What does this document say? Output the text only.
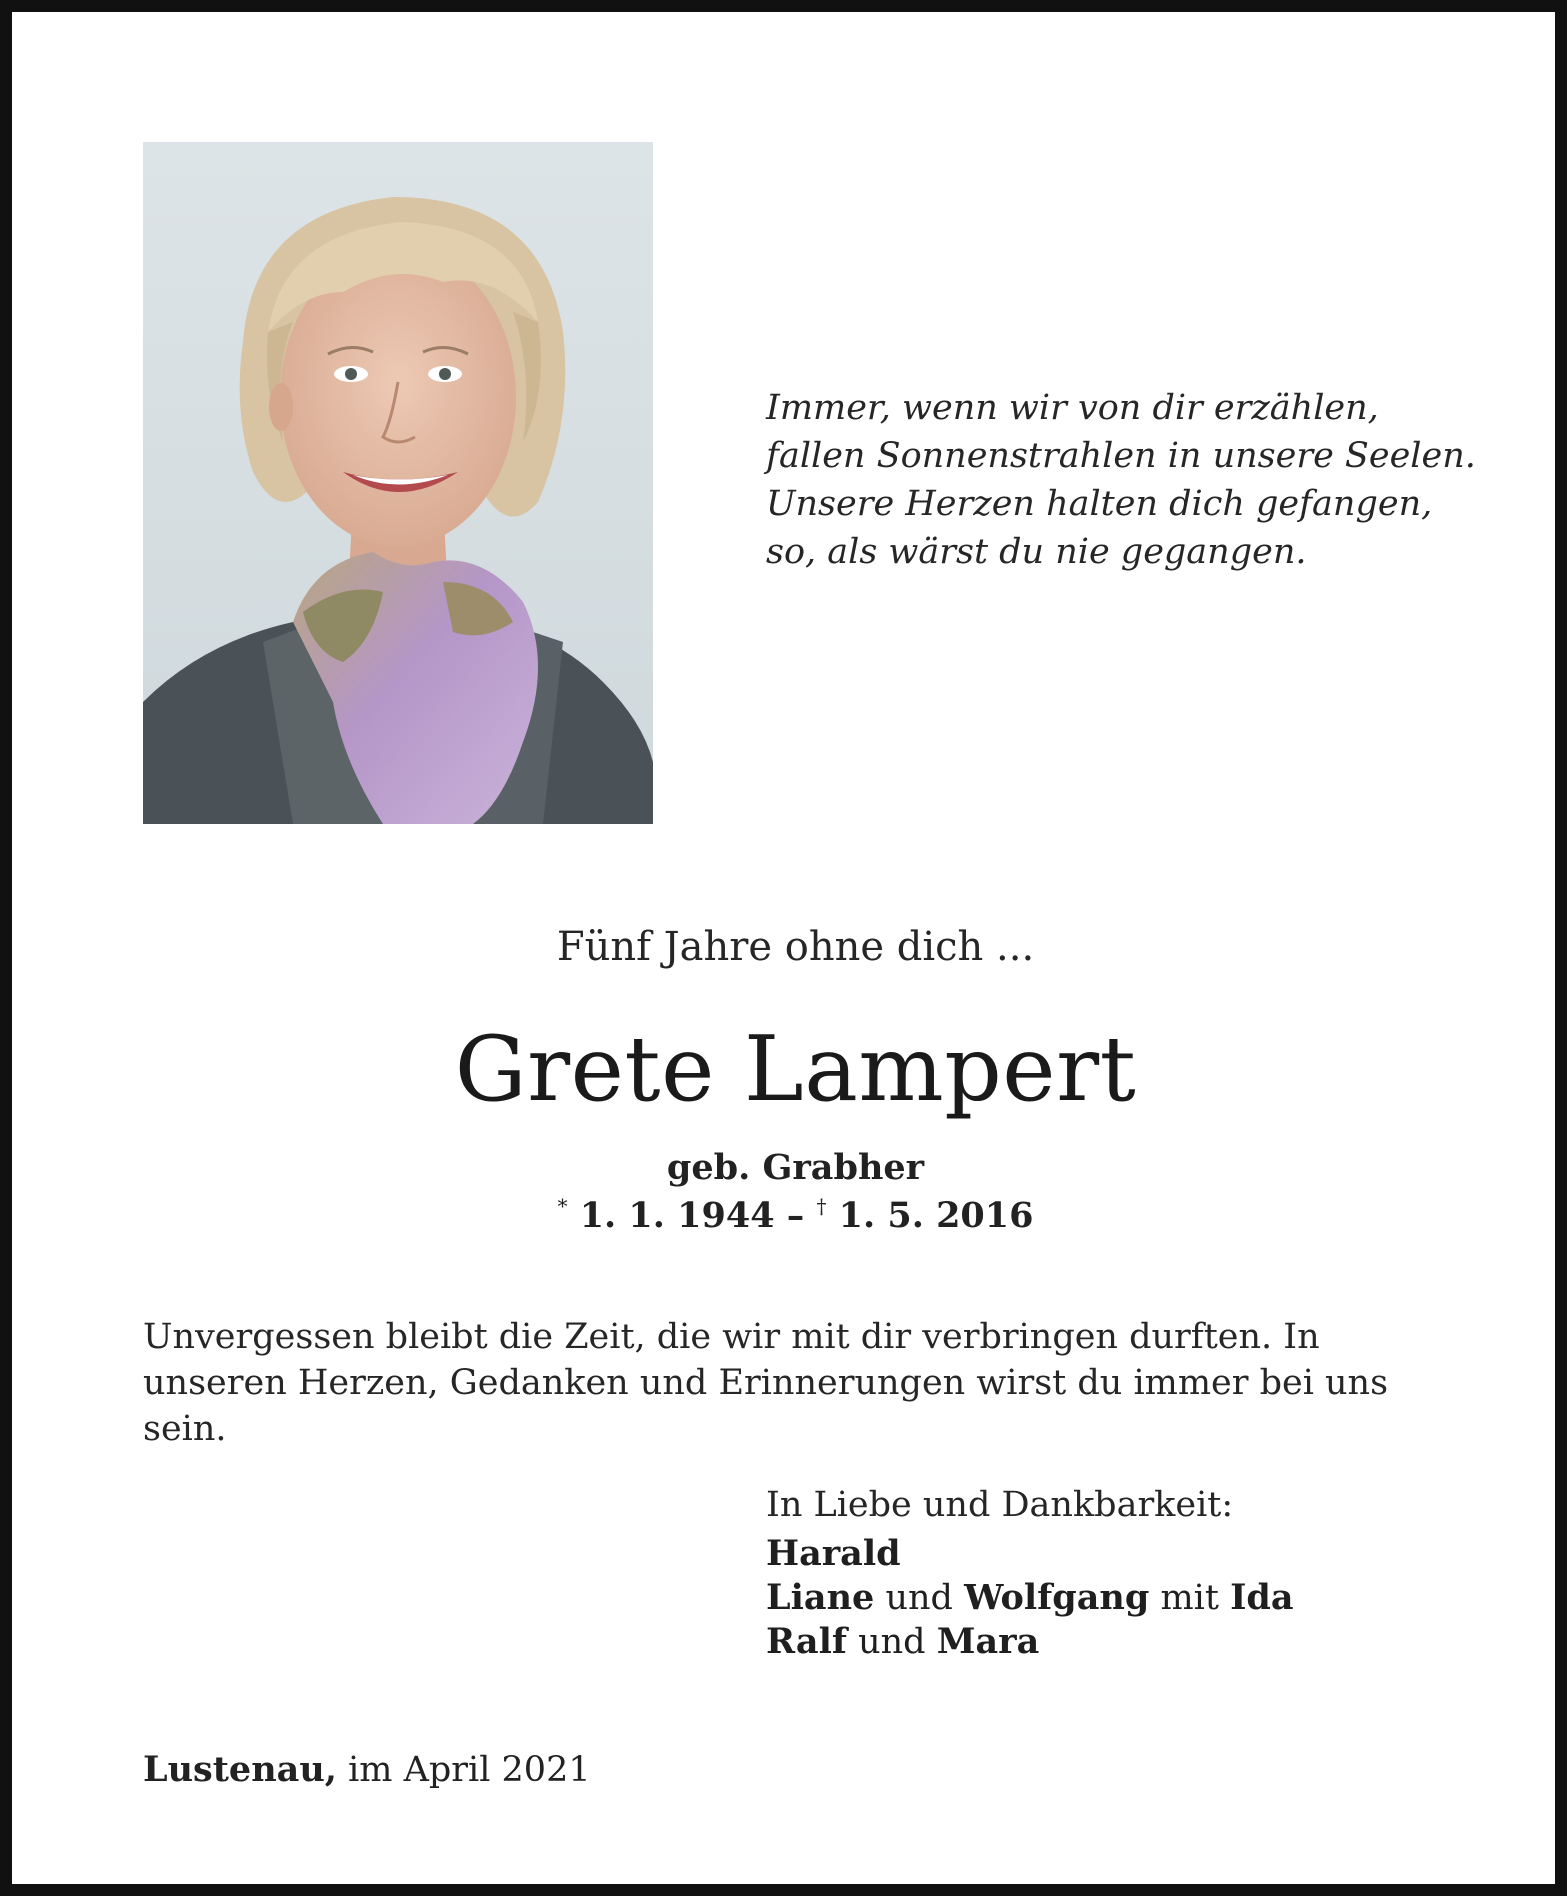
Immer, wenn wir von dir erzählen,
fallen Sonnenstrahlen in unsere Seelen.
Unsere Herzen halten dich gefangen,
so, als wärst du nie gegangen.
Fünf Jahre ohne dich ...
Grete Lampert
geb. Grabher
* 1. 1. 1944 – † 1. 5. 2016
Unvergessen bleibt die Zeit, die wir mit dir verbringen durften. In unseren Herzen, Gedanken und Erinnerungen wirst du immer bei uns sein.
In Liebe und Dankbarkeit:
Harald
Liane und Wolfgang mit Ida
Ralf und Mara
Lustenau, im April 2021
